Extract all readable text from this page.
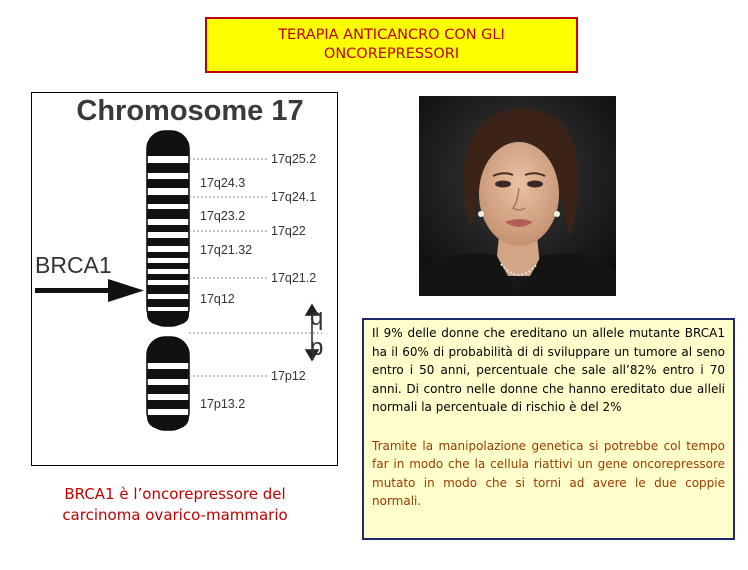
TERAPIA ANTICANCRO CON GLI
ONCOREPRESSORI
Chromosome 17
17q25.2
17q24.1
17q22
17q21.2
17p12
17q24.3
17q23.2
17q21.32
17q12
17p13.2
BRCA1
q
p
BRCA1 è l’oncorepressore del
carcinoma ovarico-mammario

Il 9% delle donne che ereditano un allele mutante BRCA1 ha il 60% di probabilità di di sviluppare un tumore al seno entro i 50 anni, percentuale che sale all’82% entro i 70 anni. Di contro nelle donne che hanno ereditato due alleli normali la percentuale di rischio è del 2%

Tramite la manipolazione genetica si potrebbe col tempo far in modo che la cellula riattivi un gene oncorepressore mutato in modo che si torni ad avere le due coppie normali.
